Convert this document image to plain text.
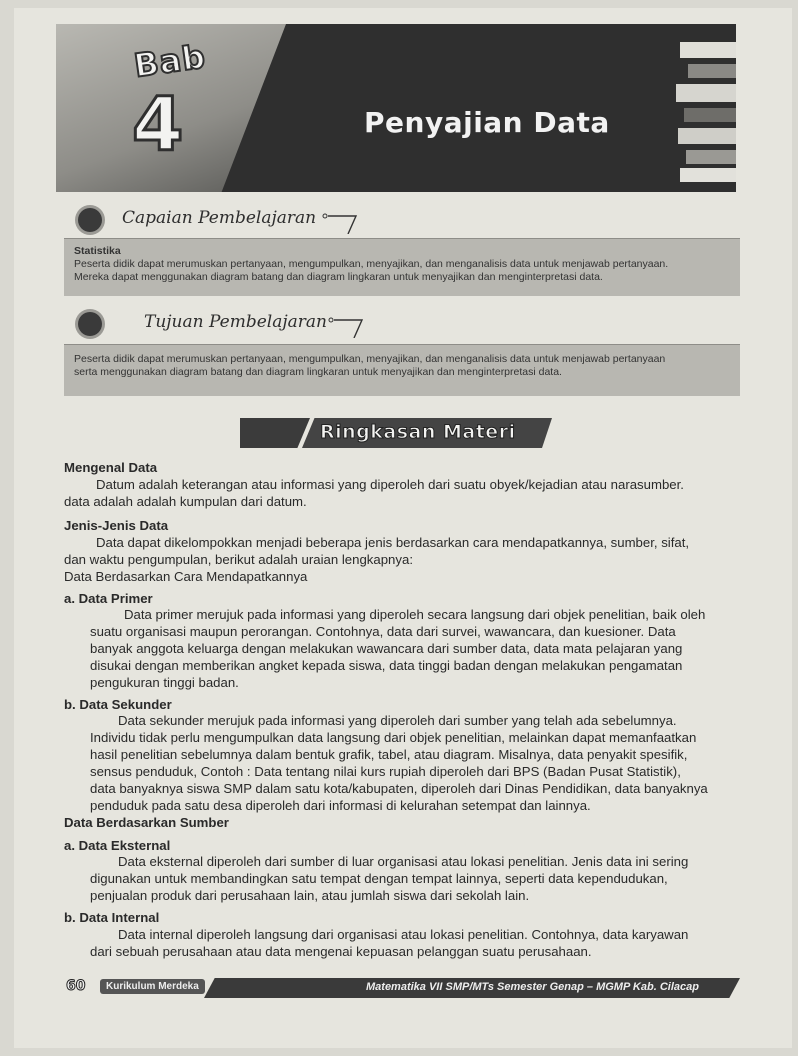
Bab
4	Penyajian Data
Capaian Pembelajaran
Statistika
Peserta didik dapat merumuskan pertanyaan, mengumpulkan, menyajikan, dan menganalisis data untuk menjawab pertanyaan.
Mereka dapat menggunakan diagram batang dan diagram lingkaran untuk menyajikan dan menginterpretasi data.
Tujuan Pembelajaran
Peserta didik dapat merumuskan pertanyaan, mengumpulkan, menyajikan, dan menganalisis data untuk menjawab pertanyaan
serta menggunakan diagram batang dan diagram lingkaran untuk menyajikan dan menginterpretasi data.
Ringkasan Materi
Mengenal Data
Datum adalah keterangan atau informasi yang diperoleh dari suatu obyek/kejadian atau narasumber.
data adalah adalah kumpulan dari datum.
Jenis-Jenis Data
Data dapat dikelompokkan menjadi beberapa jenis berdasarkan cara mendapatkannya, sumber, sifat,
dan waktu pengumpulan, berikut adalah uraian lengkapnya:
Data Berdasarkan Cara Mendapatkannya
a. Data Primer
Data primer merujuk pada informasi yang diperoleh secara langsung dari objek penelitian, baik oleh
suatu organisasi maupun perorangan. Contohnya, data dari survei, wawancara, dan kuesioner. Data
banyak anggota keluarga dengan melakukan wawancara dari sumber data, data mata pelajaran yang
disukai dengan memberikan angket kepada siswa, data tinggi badan dengan melakukan pengamatan
pengukuran tinggi badan.
b. Data Sekunder
Data sekunder merujuk pada informasi yang diperoleh dari sumber yang telah ada sebelumnya.
Individu tidak perlu mengumpulkan data langsung dari objek penelitian, melainkan dapat memanfaatkan
hasil penelitian sebelumnya dalam bentuk grafik, tabel, atau diagram. Misalnya, data penyakit spesifik,
sensus penduduk, Contoh : Data tentang nilai kurs rupiah diperoleh dari BPS (Badan Pusat Statistik),
data banyaknya siswa SMP dalam satu kota/kabupaten, diperoleh dari Dinas Pendidikan, data banyaknya
penduduk pada satu desa diperoleh dari informasi di kelurahan setempat dan lainnya.
Data Berdasarkan Sumber
a. Data Eksternal
Data eksternal diperoleh dari sumber di luar organisasi atau lokasi penelitian. Jenis data ini sering
digunakan untuk membandingkan satu tempat dengan tempat lainnya, seperti data kependudukan,
penjualan produk dari perusahaan lain, atau jumlah siswa dari sekolah lain.
b. Data Internal
Data internal diperoleh langsung dari organisasi atau lokasi penelitian. Contohnya, data karyawan
dari sebuah perusahaan atau data mengenai kepuasan pelanggan suatu perusahaan.
60	Kurikulum Merdeka	Matematika VII SMP/MTs Semester Genap – MGMP Kab. Cilacap
